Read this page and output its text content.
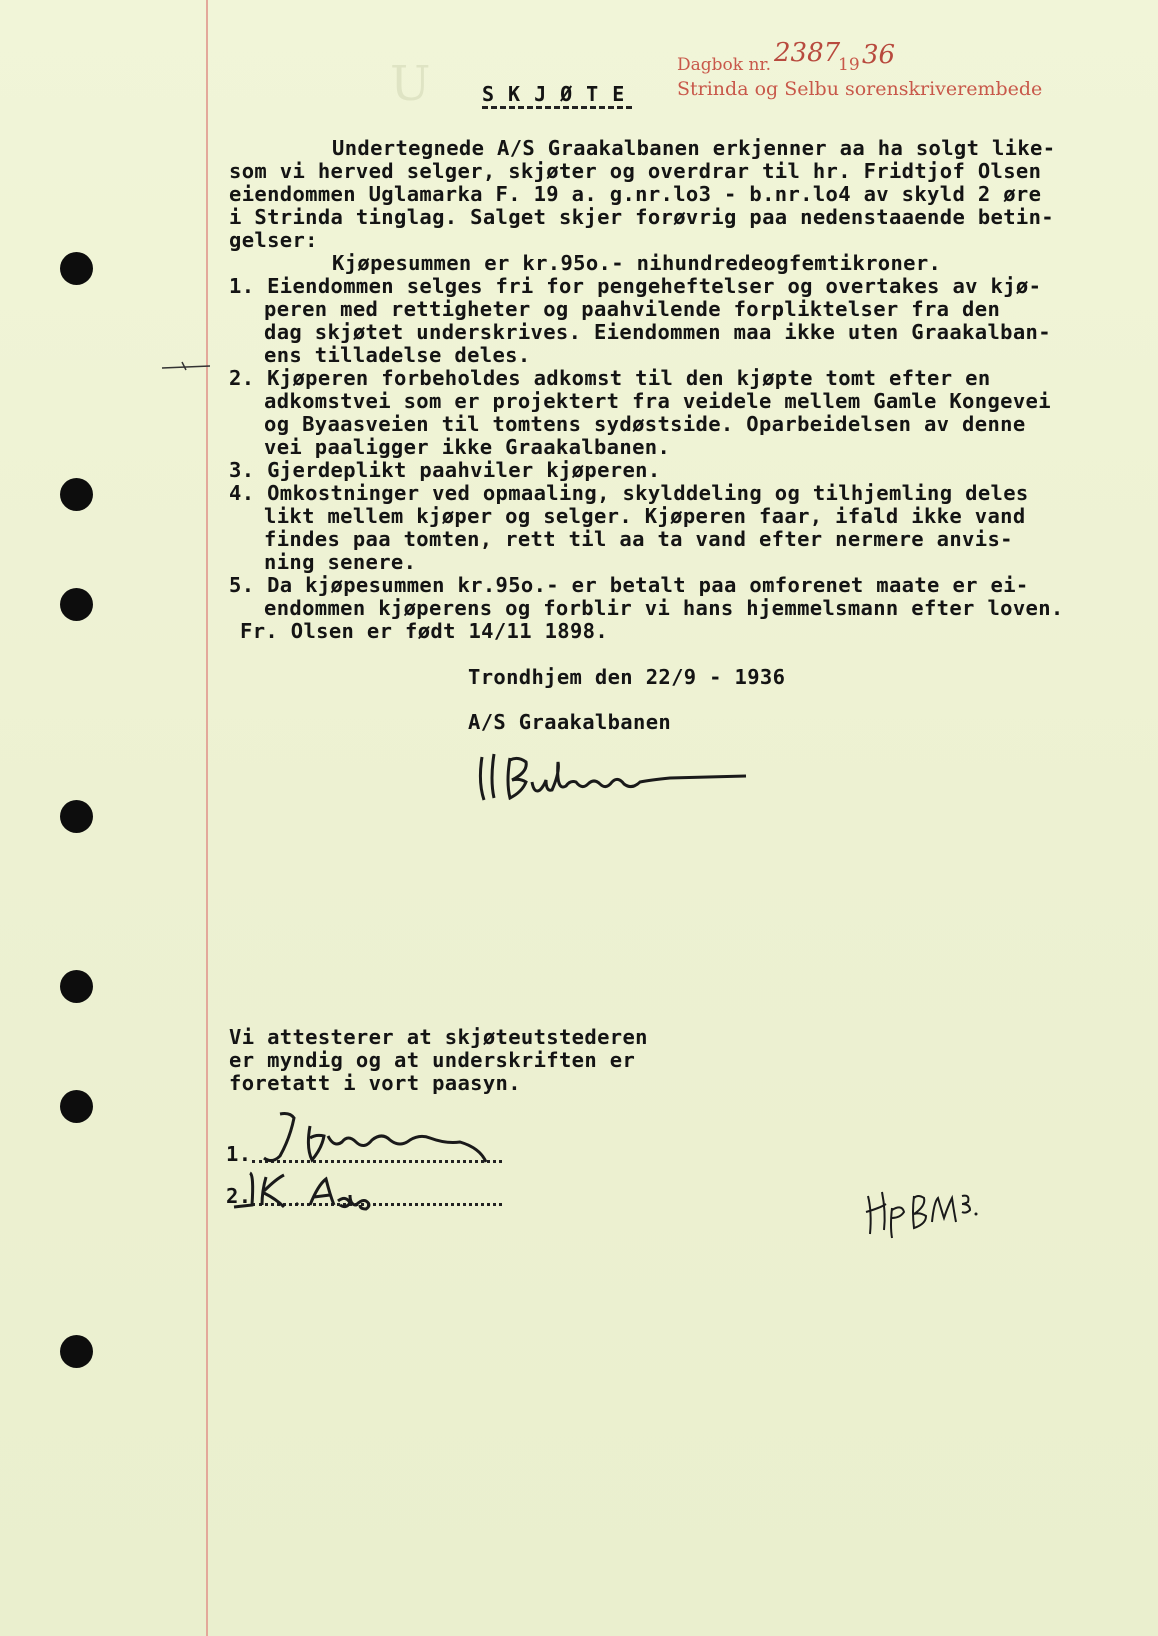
Dagbok nr. 2387
19 36
Strinda og Selbu sorenskriverembede
SKJØTE
Undertegnede A/S Graakalbanen erkjenner aa ha solgt like-
som vi herved selger, skjøter og overdrar til hr. Fridtjof Olsen
eiendommen Uglamarka F. 19 a. g.nr.lo3 - b.nr.lo4 av skyld 2 øre
i Strinda tinglag. Salget skjer forøvrig paa nedenstaaende betin-
gelser:
Kjøpesummen er kr.95o.- nihundredeogfemtikroner.
1. Eiendommen selges fri for pengeheftelser og overtakes av kjø-
peren med rettigheter og paahvilende forpliktelser fra den
dag skjøtet underskrives. Eiendommen maa ikke uten Graakalban-
ens tilladelse deles.
2. Kjøperen forbeholdes adkomst til den kjøpte tomt efter en
adkomstvei som er projektert fra veidele mellem Gamle Kongevei
og Byaasveien til tomtens sydøstside. Oparbeidelsen av denne
vei paaligger ikke Graakalbanen.
3. Gjerdeplikt paahviler kjøperen.
4. Omkostninger ved opmaaling, skylddeling og tilhjemling deles
likt mellem kjøper og selger. Kjøperen faar, ifald ikke vand
findes paa tomten, rett til aa ta vand efter nermere anvis-
ning senere.
5. Da kjøpesummen kr.95o.- er betalt paa omforenet maate er ei-
endommen kjøperens og forblir vi hans hjemmelsmann efter loven.
Fr. Olsen er født 14/11 1898.
Trondhjem den 22/9 - 1936
A/S Graakalbanen
Vi attesterer at skjøteutstederen
er myndig og at underskriften er
foretatt i vort paasyn.
1.
2.
U
